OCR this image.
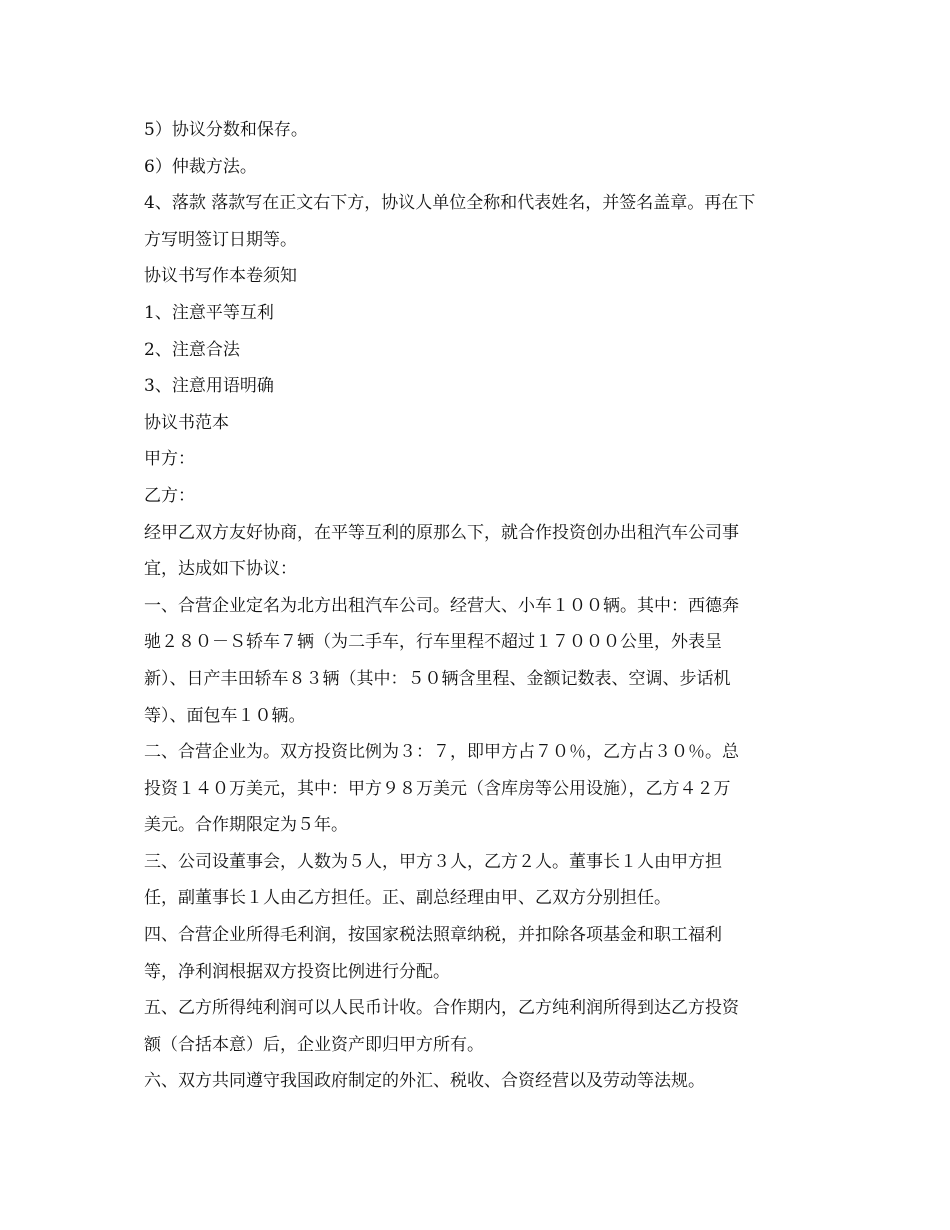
5）协议分数和保存。

6）仲裁方法。

4、落款 落款写在正文右下方，协议人单位全称和代表姓名，并签名盖章。再在下

方写明签订日期等。

协议书写作本卷须知

1、注意平等互利

2、注意合法

3、注意用语明确

协议书范本

甲方：

乙方：

经甲乙双方友好协商，在平等互利的原那么下，就合作投资创办出租汽车公司事

宜，达成如下协议：

一、合营企业定名为北方出租汽车公司。经营大、小车１００辆。其中：西德奔

驰２８０－Ｓ轿车７辆（为二手车，行车里程不超过１７０００公里，外表呈

新）、日产丰田轿车８３辆（其中：５０辆含里程、金额记数表、空调、步话机

等）、面包车１０辆。

二、合营企业为。双方投资比例为３：７，即甲方占７０％，乙方占３０％。总

投资１４０万美元，其中：甲方９８万美元（含库房等公用设施），乙方４２万

美元。合作期限定为５年。

三、公司设董事会，人数为５人，甲方３人，乙方２人。董事长１人由甲方担

任，副董事长１人由乙方担任。正、副总经理由甲、乙双方分别担任。

四、合营企业所得毛利润，按国家税法照章纳税，并扣除各项基金和职工福利

等，净利润根据双方投资比例进行分配。

五、乙方所得纯利润可以人民币计收。合作期内，乙方纯利润所得到达乙方投资

额（合括本意）后，企业资产即归甲方所有。

六、双方共同遵守我国政府制定的外汇、税收、合资经营以及劳动等法规。
